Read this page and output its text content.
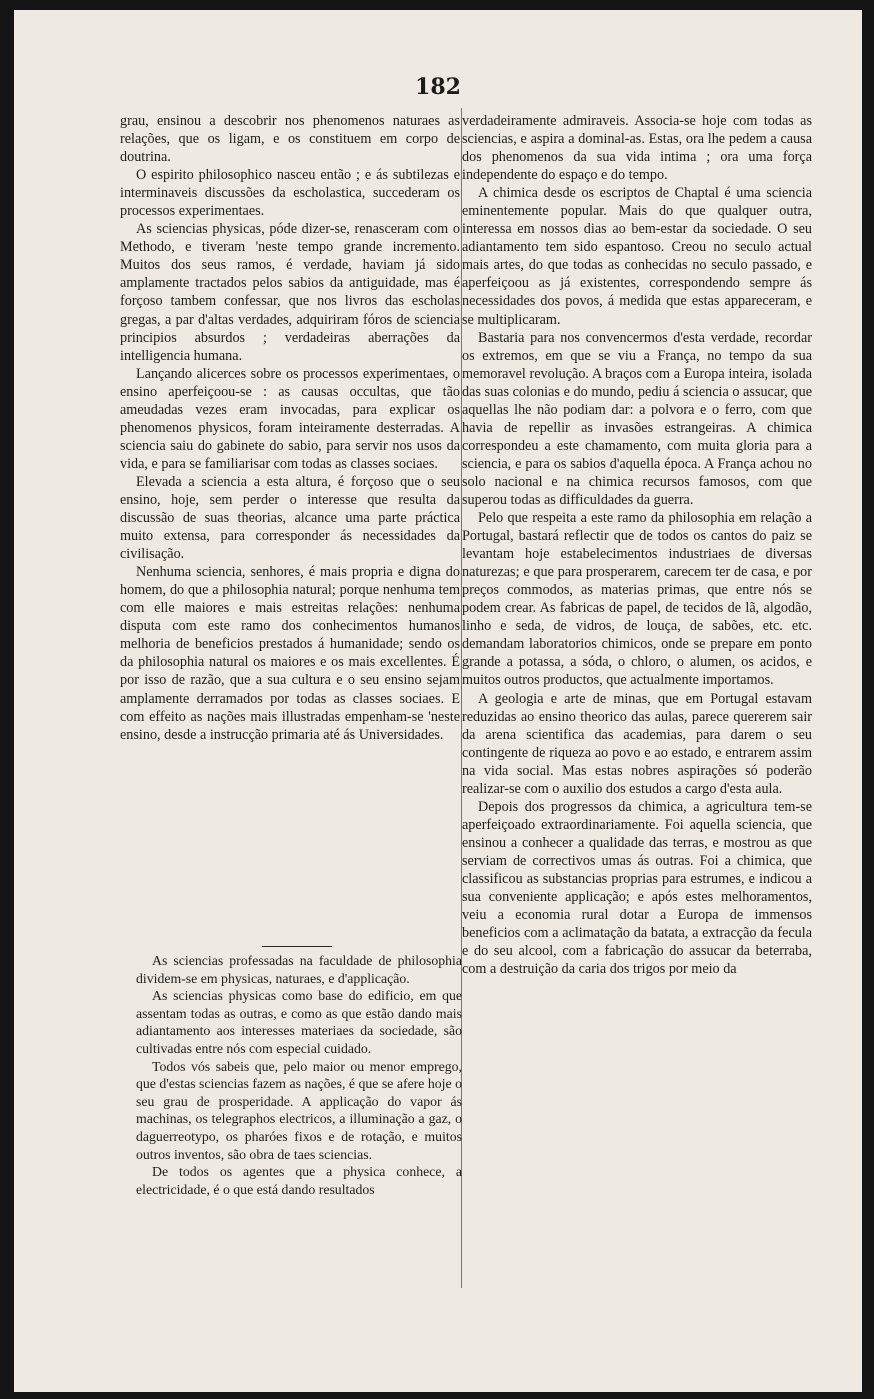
182

grau, ensinou a descobrir nos phenomenos naturaes as relações, que os ligam, e os constituem em corpo de doutrina.

O espirito philosophico nasceu então ; e ás subtilezas e interminaveis discussões da escholastica, succederam os processos experimentaes.

As sciencias physicas, póde dizer-se, renasceram com o Methodo, e tiveram 'neste tempo grande incremento. Muitos dos seus ramos, é verdade, haviam já sido amplamente tractados pelos sabios da antiguidade, mas é forçoso tambem confessar, que nos livros das escholas gregas, a par d'altas verdades, adquiriram fóros de sciencia principios absurdos ; verdadeiras aberrações da intelligencia humana.

Lançando alicerces sobre os processos experimentaes, o ensino aperfeiçoou-se : as causas occultas, que tão ameudadas vezes eram invocadas, para explicar os phenomenos physicos, foram inteiramente desterradas. A sciencia saiu do gabinete do sabio, para servir nos usos da vida, e para se familiarisar com todas as classes sociaes.

Elevada a sciencia a esta altura, é forçoso que o seu ensino, hoje, sem perder o interesse que resulta da discussão de suas theorias, alcance uma parte práctica muito extensa, para corresponder ás necessidades da civilisação.

Nenhuma sciencia, senhores, é mais propria e digna do homem, do que a philosophia natural; porque nenhuma tem com elle maiores e mais estreitas relações: nenhuma disputa com este ramo dos conhecimentos humanos melhoria de beneficios prestados á humanidade; sendo os da philosophia natural os maiores e os mais excellentes. É por isso de razão, que a sua cultura e o seu ensino sejam amplamente derramados por todas as classes sociaes. E com effeito as nações mais illustradas empenham-se 'neste ensino, desde a instrucção primaria até ás Universidades.

As sciencias professadas na faculdade de philosophia dividem-se em physicas, naturaes, e d'applicação.

As sciencias physicas como base do edificio, em que assentam todas as outras, e como as que estão dando mais adiantamento aos interesses materiaes da sociedade, são cultivadas entre nós com especial cuidado.

Todos vós sabeis que, pelo maior ou menor emprego, que d'estas sciencias fazem as nações, é que se afere hoje o seu grau de prosperidade. A applicação do vapor ás machinas, os telegraphos electricos, a illuminação a gaz, o daguerreotypo, os pharóes fixos e de rotação, e muitos outros inventos, são obra de taes sciencias.

De todos os agentes que a physica conhece, a electricidade, é o que está dando resultados

verdadeiramente admiraveis. Associa-se hoje com todas as sciencias, e aspira a dominal-as. Estas, ora lhe pedem a causa dos phenomenos da sua vida intima ; ora uma força independente do espaço e do tempo.

A chimica desde os escriptos de Chaptal é uma sciencia eminentemente popular. Mais do que qualquer outra, interessa em nossos dias ao bem-estar da sociedade. O seu adiantamento tem sido espantoso. Creou no seculo actual mais artes, do que todas as conhecidas no seculo passado, e aperfeiçoou as já existentes, correspondendo sempre ás necessidades dos povos, á medida que estas appareceram, e se multiplicaram.

Bastaria para nos convencermos d'esta verdade, recordar os extremos, em que se viu a França, no tempo da sua memoravel revolução. A braços com a Europa inteira, isolada das suas colonias e do mundo, pediu á sciencia o assucar, que aquellas lhe não podiam dar: a polvora e o ferro, com que havia de repellir as invasões estrangeiras. A chimica correspondeu a este chamamento, com muita gloria para a sciencia, e para os sabios d'aquella época. A França achou no solo nacional e na chimica recursos famosos, com que superou todas as difficuldades da guerra.

Pelo que respeita a este ramo da philosophia em relação a Portugal, bastará reflectir que de todos os cantos do paiz se levantam hoje estabelecimentos industriaes de diversas naturezas; e que para prosperarem, carecem ter de casa, e por preços commodos, as materias primas, que entre nós se podem crear. As fabricas de papel, de tecidos de lã, algodão, linho e seda, de vidros, de louça, de sabões, etc. etc. demandam laboratorios chimicos, onde se prepare em ponto grande a potassa, a sóda, o chloro, o alumen, os acidos, e muitos outros productos, que actualmente importamos.

A geologia e arte de minas, que em Portugal estavam reduzidas ao ensino theorico das aulas, parece quererem sair da arena scientifica das academias, para darem o seu contingente de riqueza ao povo e ao estado, e entrarem assim na vida social. Mas estas nobres aspirações só poderão realizar-se com o auxilio dos estudos a cargo d'esta aula.

Depois dos progressos da chimica, a agricultura tem-se aperfeiçoado extraordinariamente. Foi aquella sciencia, que ensinou a conhecer a qualidade das terras, e mostrou as que serviam de correctivos umas ás outras. Foi a chimica, que classificou as substancias proprias para estrumes, e indicou a sua conveniente applicação; e após estes melhoramentos, veiu a economia rural dotar a Europa de immensos beneficios com a aclimatação da batata, a extracção da fecula e do seu alcool, com a fabricação do assucar da beterraba, com a destruição da caria dos trigos por meio da
